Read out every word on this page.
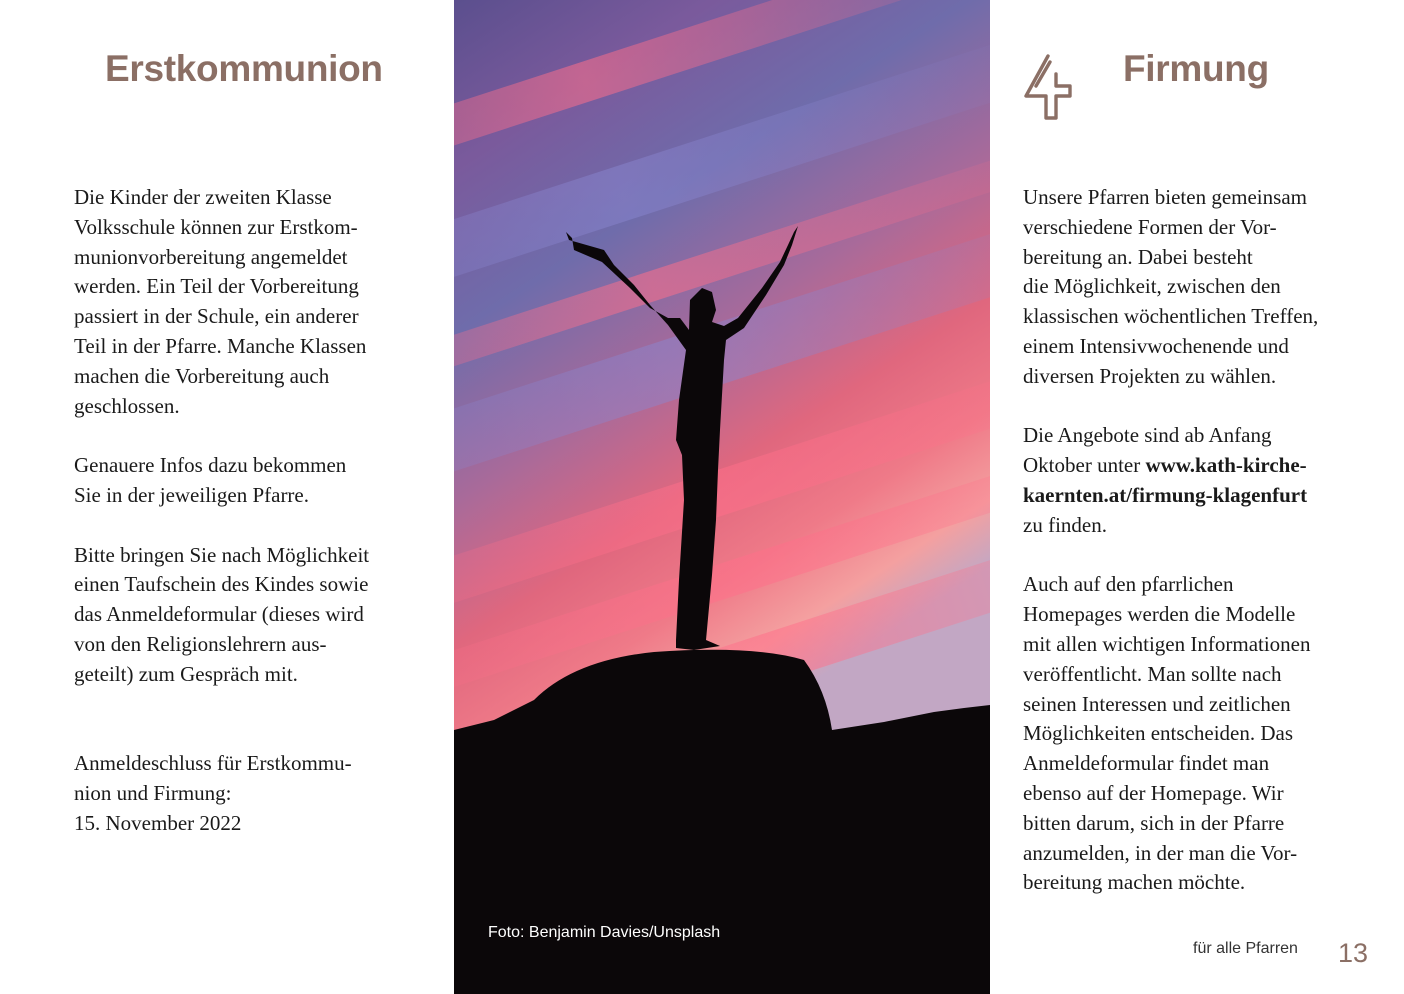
Erstkommunion

Die Kinder der zweiten Klasse
Volksschule können zur Erstkom-
munionvorbereitung angemeldet
werden. Ein Teil der Vorbereitung
passiert in der Schule, ein anderer
Teil in der Pfarre. Manche Klassen
machen die Vorbereitung auch
geschlossen.

Genauere Infos dazu bekommen
Sie in der jeweiligen Pfarre.

Bitte bringen Sie nach Möglichkeit
einen Taufschein des Kindes sowie
das Anmeldeformular (dieses wird
von den Religionslehrern aus-
geteilt) zum Gespräch mit.

Anmeldeschluss für Erstkommu-
nion und Firmung:
15. November 2022

Foto: Benjamin Davies/Unsplash
Firmung

Unsere Pfarren bieten gemeinsam
verschiedene Formen der Vor-
bereitung an. Dabei besteht
die Möglichkeit, zwischen den
klassischen wöchentlichen Treffen,
einem Intensivwochenende und
diversen Projekten zu wählen.

Die Angebote sind ab Anfang
Oktober unter www.kath-kirche-
kaernten.at/firmung-klagenfurt
zu finden.

Auch auf den pfarrlichen
Homepages werden die Modelle
mit allen wichtigen Informationen
veröffentlicht. Man sollte nach
seinen Interessen und zeitlichen
Möglichkeiten entscheiden. Das
Anmeldeformular findet man
ebenso auf der Homepage. Wir
bitten darum, sich in der Pfarre
anzumelden, in der man die Vor-
bereitung machen möchte.

für alle Pfarren 13
